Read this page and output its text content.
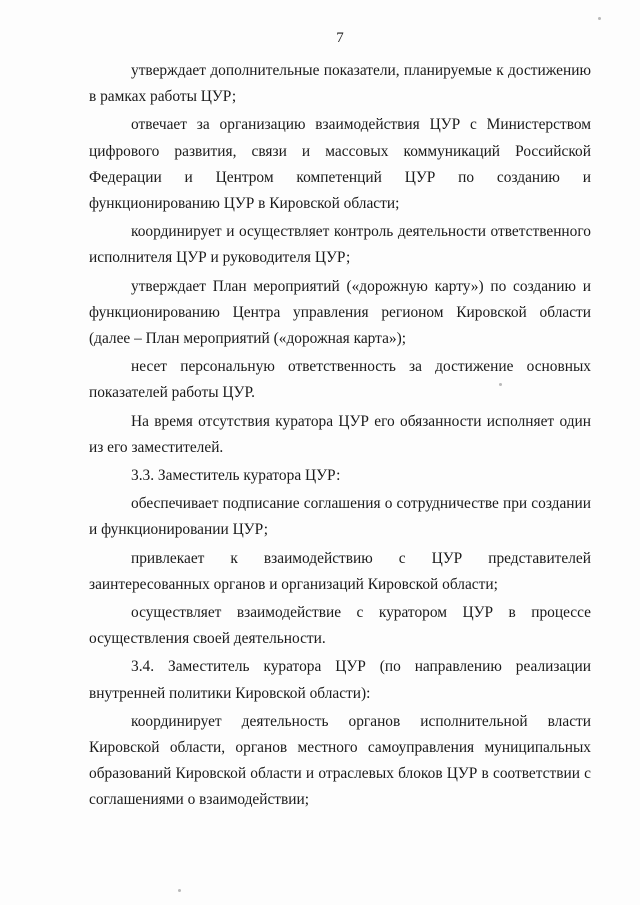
7

утверждает дополнительные показатели, планируемые к достижению в рамках работы ЦУР;

отвечает за организацию взаимодействия ЦУР с Министерством цифрового развития, связи и массовых коммуникаций Российской Федерации и Центром компетенций ЦУР по созданию и функционированию ЦУР в Кировской области;

координирует и осуществляет контроль деятельности ответственного исполнителя ЦУР и руководителя ЦУР;

утверждает План мероприятий («дорожную карту») по созданию и функционированию Центра управления регионом Кировской области (далее – План мероприятий («дорожная карта»);

несет персональную ответственность за достижение основных показателей работы ЦУР.

На время отсутствия куратора ЦУР его обязанности исполняет один из его заместителей.

3.3. Заместитель куратора ЦУР:

обеспечивает подписание соглашения о сотрудничестве при создании и функционировании ЦУР;

привлекает к взаимодействию с ЦУР представителей заинтересованных органов и организаций Кировской области;

осуществляет взаимодействие с куратором ЦУР в процессе осуществления своей деятельности.

3.4. Заместитель куратора ЦУР (по направлению реализации внутренней политики Кировской области):

координирует деятельность органов исполнительной власти Кировской области, органов местного самоуправления муниципальных образований Кировской области и отраслевых блоков ЦУР в соответствии с соглашениями о взаимодействии;
